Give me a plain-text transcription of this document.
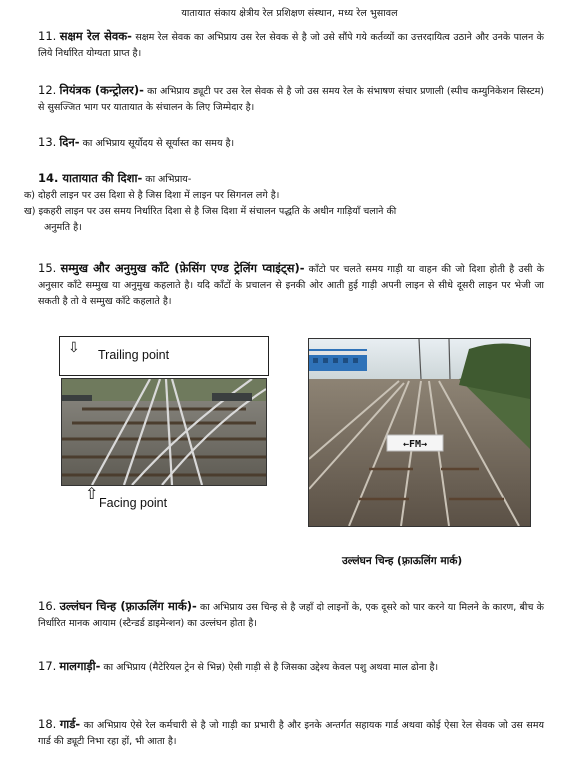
यातायात संकाय क्षेत्रीय रेल प्रशिक्षण संस्थान, मध्य रेल भुसावल
11. सक्षम रेल सेवक- सक्षम रेल सेवक का अभिप्राय उस रेल सेवक से है जो उसे सौंपे गये कर्तव्यों का उत्तरदायित्व उठाने और उनके पालन के लिये निर्धारित योग्यता प्राप्त है।
12. नियंत्रक (कन्ट्रोलर)- का अभिप्राय ड्यूटी पर उस रेल सेवक से है जो उस समय रेल के संभाषण संचार प्रणाली (स्पीच कम्युनिकेशन सिस्टम) से सुसज्जित भाग पर यातायात के संचालन के लिए जिम्मेदार है।
13. दिन- का अभिप्राय सूर्योदय से सूर्यास्त का समय है।
14. यातायात की दिशा- का अभिप्राय-
क) दोहरी लाइन पर उस दिशा से है जिस दिशा में लाइन पर सिगनल लगे है।
ख) इकहरी लाइन पर उस समय निर्धारित दिशा से है जिस दिशा में संचालन पद्धति के अधीन गाड़ियाँ चलाने की
अनुमति है।
15. सम्मुख और अनुमुख काँटे (फ़ेसिंग एण्ड ट्रेलिंग प्वाइंट्स)- काँटो पर चलते समय गाड़ी या वाहन की जो दिशा होती है उसी के अनुसार काँटे सम्मुख या अनुमुख कहलाते है। यदि काँटों के प्रचालन से इनकी ओर आती हुई गाड़ी अपनी लाइन से सीधे दूसरी लाइन पर भेजी जा सकती है तो वे सम्मुख काँटे कहलाते है।
⇩ Trailing point
⇧ Facing point
←FM→
उल्लंघन चिन्ह (फ़्राऊलिंग मार्क)
16. उल्लंघन चिन्ह (फ़्राऊलिंग मार्क)- का अभिप्राय उस चिन्ह से है जहाँ दो लाइनों के, एक दूसरे को पार करने या मिलने के कारण, बीच के निर्धारित मानक आयाम (स्टैन्डर्ड डाइमेन्शन) का उल्लंघन होता है।
17. मालगाड़ी- का अभिप्राय (मैटेरियल ट्रेन से भिन्न) ऐसी गाड़ी से है जिसका उद्देश्य केवल पशु अथवा माल ढोना है।
18. गार्ड- का अभिप्राय ऐसे रेल कर्मचारी से है जो गाड़ी का प्रभारी है और इनके अन्तर्गत सहायक गार्ड अथवा कोई ऐसा रेल सेवक जो उस समय गार्ड की ड्यूटी निभा रहा हों, भी आता है।
